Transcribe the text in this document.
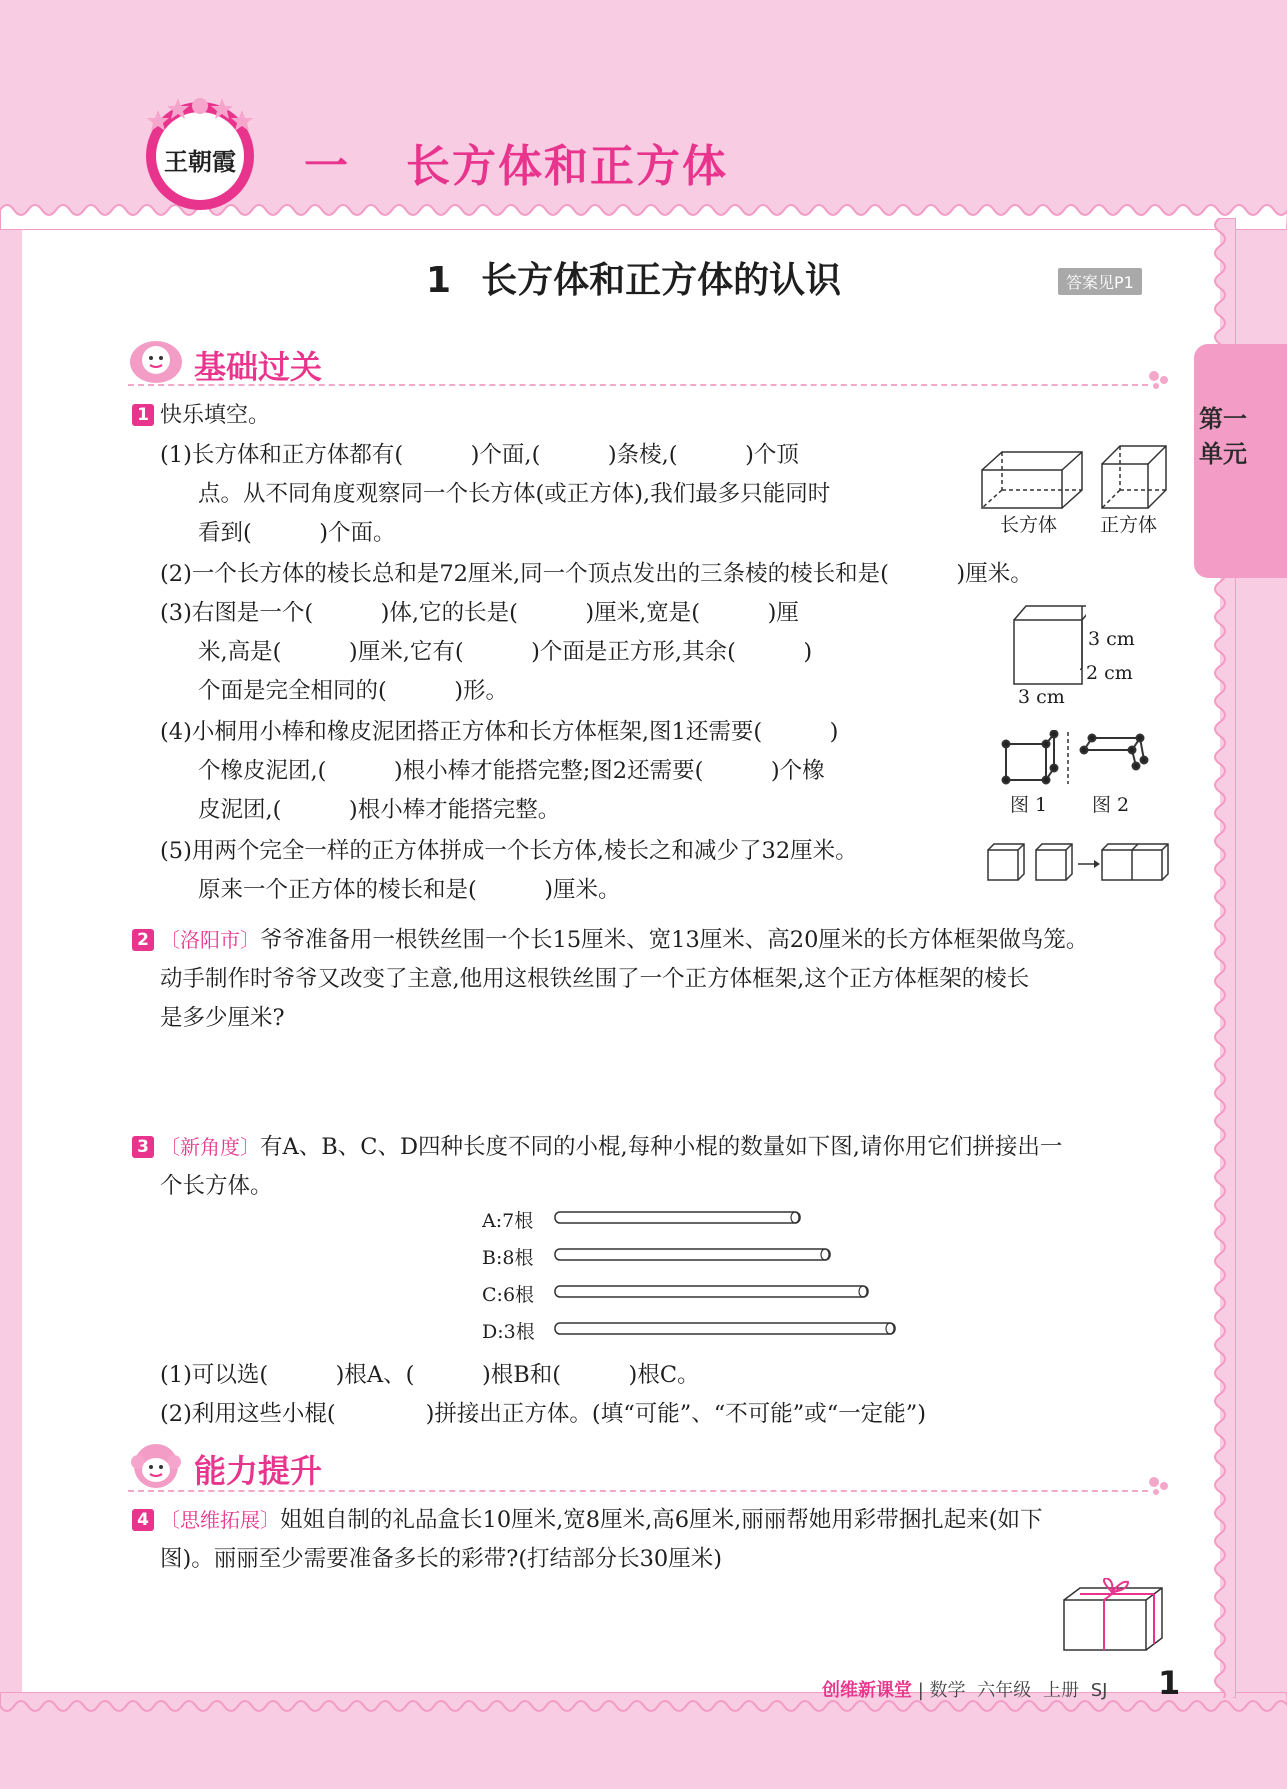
王朝霞 一 长方体和正方体
1 长方体和正方体的认识	答案见P1
第一单元
基础过关
1 快乐填空。
(1)长方体和正方体都有(　　　)个面,(　　　)条棱,(　　　)个顶
点。从不同角度观察同一个长方体(或正方体),我们最多只能同时
看到(　　　)个面。
(2)一个长方体的棱长总和是72厘米,同一个顶点发出的三条棱的棱长和是(　　　)厘米。
(3)右图是一个(　　　)体,它的长是(　　　)厘米,宽是(　　　)厘
米,高是(　　　)厘米,它有(　　　)个面是正方形,其余(　　　)
个面是完全相同的(　　　)形。
(4)小桐用小棒和橡皮泥团搭正方体和长方体框架,图1还需要(　　　)
个橡皮泥团,(　　　)根小棒才能搭完整;图2还需要(　　　)个橡
皮泥团,(　　　)根小棒才能搭完整。
(5)用两个完全一样的正方体拼成一个长方体,棱长之和减少了32厘米。
原来一个正方体的棱长和是(　　　)厘米。
长方体 正方体
3 cm
2 cm
3 cm
图 1 图 2
2 〔洛阳市〕爷爷准备用一根铁丝围一个长15厘米、宽13厘米、高20厘米的长方体框架做鸟笼。
动手制作时爷爷又改变了主意,他用这根铁丝围了一个正方体框架,这个正方体框架的棱长
是多少厘米?
3 〔新角度〕有A、B、C、D四种长度不同的小棍,每种小棍的数量如下图,请你用它们拼接出一
个长方体。
A:7根
B:8根
C:6根
D:3根
(1)可以选(　　　)根A、(　　　)根B和(　　　)根C。
(2)利用这些小棍(　　　　)拼接出正方体。(填“可能”、“不可能”或“一定能”)
能力提升
4 〔思维拓展〕姐姐自制的礼品盒长10厘米,宽8厘米,高6厘米,丽丽帮她用彩带捆扎起来(如下
图)。丽丽至少需要准备多长的彩带?(打结部分长30厘米)
创维新课堂 | 数学 六年级 上册 SJ 1
